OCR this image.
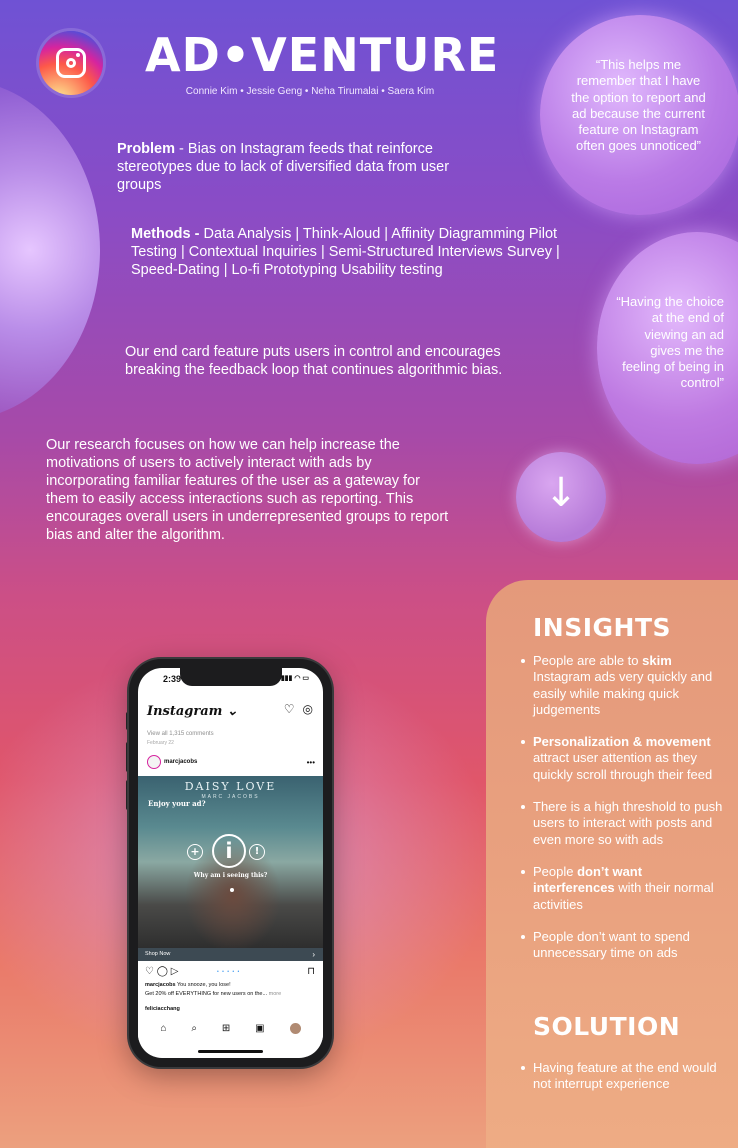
AD•VENTURE
Connie Kim • Jessie Geng • Neha Tirumalai • Saera Kim
Problem - Bias on Instagram feeds that reinforce stereotypes due to lack of diversified data from user groups
Methods - Data Analysis | Think-Aloud | Affinity Diagramming Pilot Testing | Contextual Inquiries | Semi-Structured Interviews Survey | Speed-Dating | Lo-fi Prototyping Usability testing
Our end card feature puts users in control and encourages breaking the feedback loop that continues algorithmic bias.
Our research focuses on how we can help increase the motivations of users to actively interact with ads by incorporating familiar features of the user as a gateway for them to easily access interactions such as reporting. This encourages overall users in underrepresented groups to report bias and alter the algorithm.
“This helps me remember that I have the option to report and ad because the current feature on Instagram often goes unnoticed”
“Having the choice at the end of viewing an ad gives me the feeling of being in control”
↓
2:39	▮▮▮ ◠ ▭
Instagram ⌄	♡ ◎
View all 1,315 comments
February 22
marcjacobs	•••
DAISY LOVE
MARC JACOBS
Enjoy your ad?
+	i	!
Why am i seeing this?
Shop Now	›
♡ ◯ ▷	• • • • •	⊓
marcjacobs You snooze, you lose!
Get 20% off EVERYTHING for new users on the... more
feliciacchang
⌂ ⌕ ⊞ ▣
INSIGHTS
People are able to skim Instagram ads very quickly and easily while making quick judgements
Personalization & movement attract user attention as they quickly scroll through their feed
There is a high threshold to push users to interact with posts and even more so with ads
People don’t want interferences with their normal activities
People don’t want to spend unnecessary time on ads
SOLUTION
Having feature at the end would not interrupt experience
